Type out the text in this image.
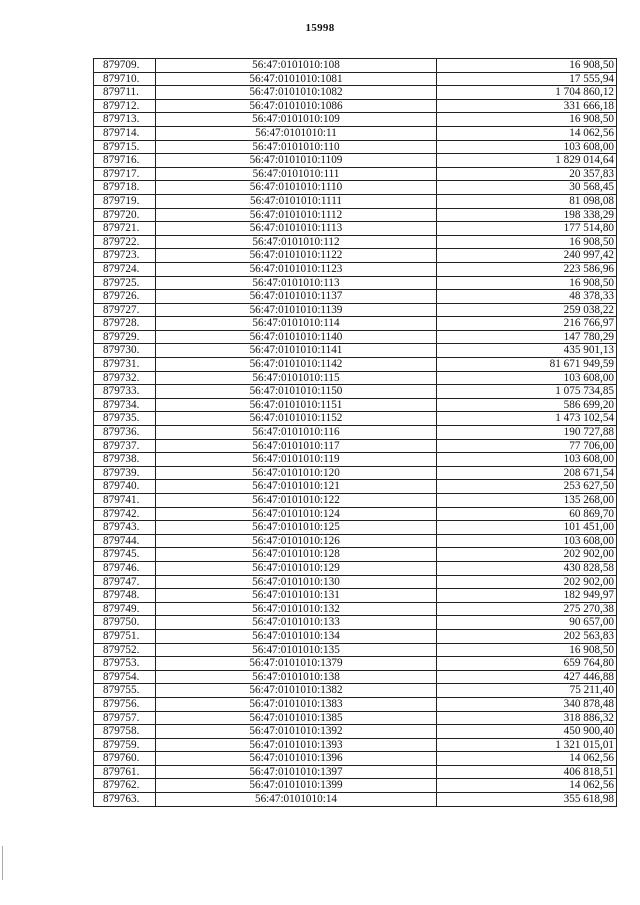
15998
879709.	56:47:0101010:108	16 908,50
879710.	56:47:0101010:1081	17 555,94
879711.	56:47:0101010:1082	1 704 860,12
879712.	56:47:0101010:1086	331 666,18
879713.	56:47:0101010:109	16 908,50
879714.	56:47:0101010:11	14 062,56
879715.	56:47:0101010:110	103 608,00
879716.	56:47:0101010:1109	1 829 014,64
879717.	56:47:0101010:111	20 357,83
879718.	56:47:0101010:1110	30 568,45
879719.	56:47:0101010:1111	81 098,08
879720.	56:47:0101010:1112	198 338,29
879721.	56:47:0101010:1113	177 514,80
879722.	56:47:0101010:112	16 908,50
879723.	56:47:0101010:1122	240 997,42
879724.	56:47:0101010:1123	223 586,96
879725.	56:47:0101010:113	16 908,50
879726.	56:47:0101010:1137	48 378,33
879727.	56:47:0101010:1139	259 038,22
879728.	56:47:0101010:114	216 766,97
879729.	56:47:0101010:1140	147 780,29
879730.	56:47:0101010:1141	435 901,13
879731.	56:47:0101010:1142	81 671 949,59
879732.	56:47:0101010:115	103 608,00
879733.	56:47:0101010:1150	1 075 734,85
879734.	56:47:0101010:1151	586 699,20
879735.	56:47:0101010:1152	1 473 102,54
879736.	56:47:0101010:116	190 727,88
879737.	56:47:0101010:117	77 706,00
879738.	56:47:0101010:119	103 608,00
879739.	56:47:0101010:120	208 671,54
879740.	56:47:0101010:121	253 627,50
879741.	56:47:0101010:122	135 268,00
879742.	56:47:0101010:124	60 869,70
879743.	56:47:0101010:125	101 451,00
879744.	56:47:0101010:126	103 608,00
879745.	56:47:0101010:128	202 902,00
879746.	56:47:0101010:129	430 828,58
879747.	56:47:0101010:130	202 902,00
879748.	56:47:0101010:131	182 949,97
879749.	56:47:0101010:132	275 270,38
879750.	56:47:0101010:133	90 657,00
879751.	56:47:0101010:134	202 563,83
879752.	56:47:0101010:135	16 908,50
879753.	56:47:0101010:1379	659 764,80
879754.	56:47:0101010:138	427 446,88
879755.	56:47:0101010:1382	75 211,40
879756.	56:47:0101010:1383	340 878,48
879757.	56:47:0101010:1385	318 886,32
879758.	56:47:0101010:1392	450 900,40
879759.	56:47:0101010:1393	1 321 015,01
879760.	56:47:0101010:1396	14 062,56
879761.	56:47:0101010:1397	406 818,51
879762.	56:47:0101010:1399	14 062,56
879763.	56:47:0101010:14	355 618,98
